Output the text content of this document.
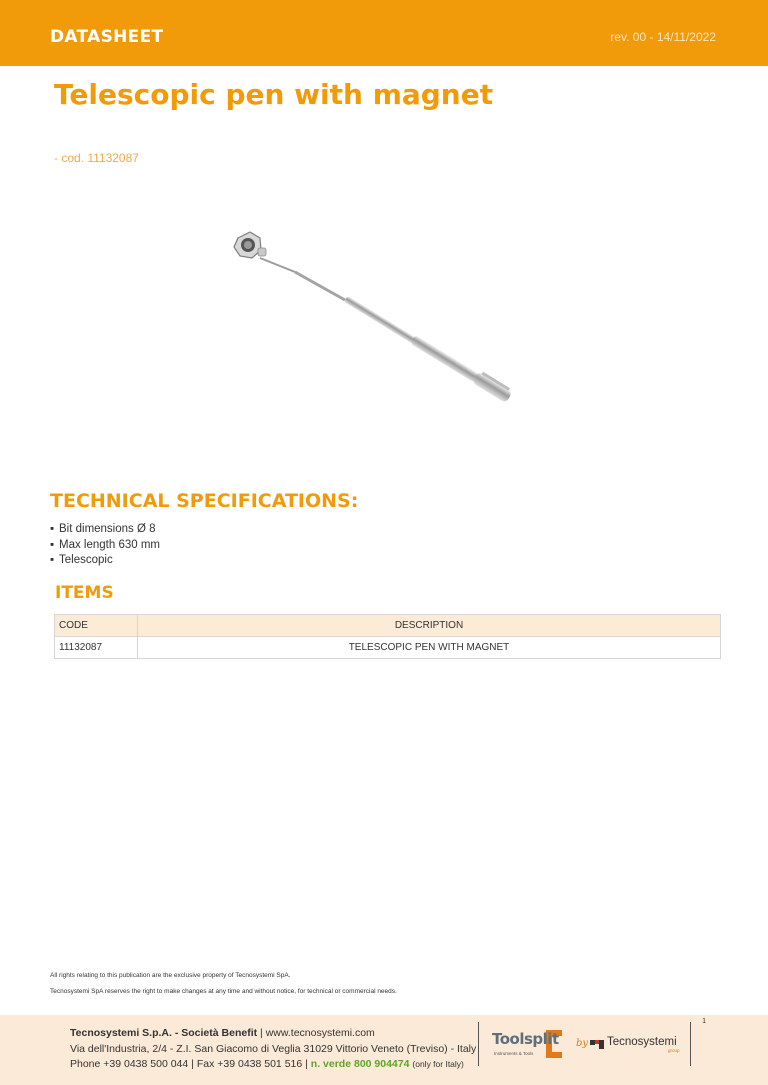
DATASHEET	rev. 00 - 14/11/2022
Telescopic pen with magnet
- cod. 11132087
TECHNICAL SPECIFICATIONS:
▪ Bit dimensions Ø 8
▪ Max length 630 mm
▪ Telescopic
ITEMS
CODE	DESCRIPTION
11132087	TELESCOPIC PEN WITH MAGNET
All rights relating to this publication are the exclusive property of Tecnosystemi SpA.
Tecnosystemi SpA reserves the right to make changes at any time and without notice, for technical or commercial needs.
1
Tecnosystemi S.p.A. - Società Benefit | www.tecnosystemi.com
Via dell'Industria, 2/4 - Z.I. San Giacomo di Veglia 31029 Vittorio Veneto (Treviso) - Italy
Phone +39 0438 500 044 | Fax +39 0438 501 516 | n. verde 800 904474 (only for Italy)
Toolsplit
Instruments & Tools
by Tecnosystemi
group
